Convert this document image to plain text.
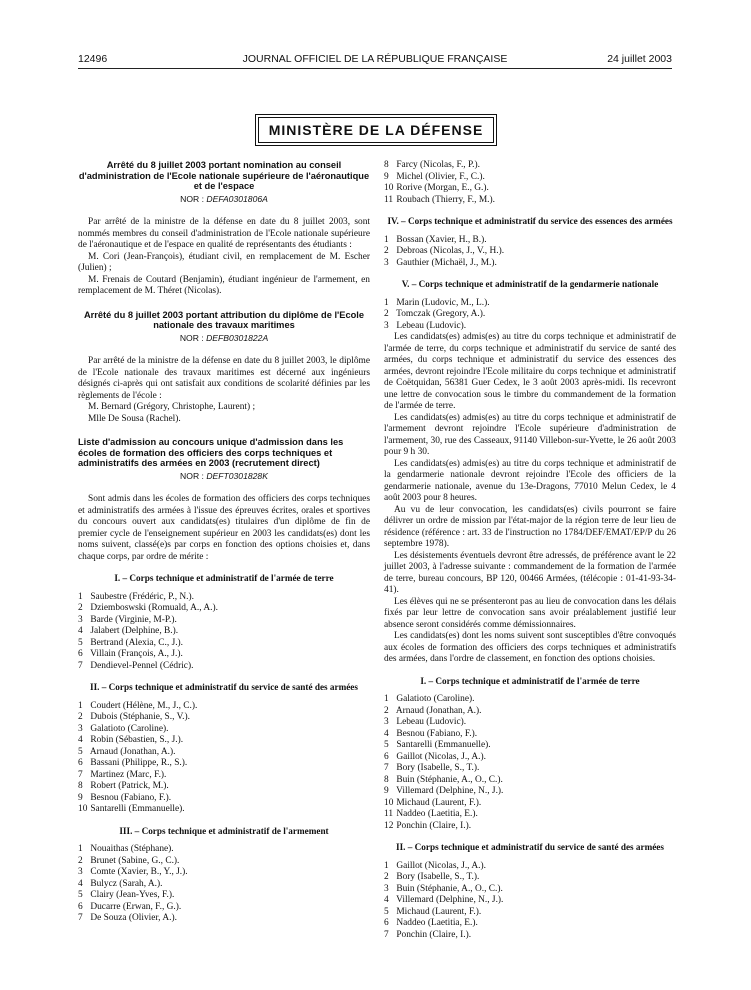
12496	JOURNAL OFFICIEL DE LA RÉPUBLIQUE FRANÇAISE	24 juillet 2003
MINISTÈRE DE LA DÉFENSE
Arrêté du 8 juillet 2003 portant nomination au conseil d'administration de l'Ecole nationale supérieure de l'aéronautique et de l'espace
NOR : DEFA0301806A

Par arrêté de la ministre de la défense en date du 8 juillet 2003, sont nommés membres du conseil d'administration de l'Ecole nationale supérieure de l'aéronautique et de l'espace en qualité de représentants des étudiants :

M. Cori (Jean-François), étudiant civil, en remplacement de M. Escher (Julien) ;

M. Frenais de Coutard (Benjamin), étudiant ingénieur de l'armement, en remplacement de M. Théret (Nicolas).

Arrêté du 8 juillet 2003 portant attribution du diplôme de l'Ecole nationale des travaux maritimes
NOR : DEFB0301822A

Par arrêté de la ministre de la défense en date du 8 juillet 2003, le diplôme de l'Ecole nationale des travaux maritimes est décerné aux ingénieurs désignés ci-après qui ont satisfait aux conditions de scolarité définies par les règlements de l'école :

M. Bernard (Grégory, Christophe, Laurent) ;

Mlle De Sousa (Rachel).

Liste d'admission au concours unique d'admission dans les écoles de formation des officiers des corps techniques et administratifs des armées en 2003 (recrutement direct)
NOR : DEFT0301828K

Sont admis dans les écoles de formation des officiers des corps techniques et administratifs des armées à l'issue des épreuves écrites, orales et sportives du concours ouvert aux candidats(es) titulaires d'un diplôme de fin de premier cycle de l'enseignement supérieur en 2003 les candidats(es) dont les noms suivent, classé(e)s par corps en fonction des options choisies et, dans chaque corps, par ordre de mérite :

I. – Corps technique et administratif de l'armée de terre
1 Saubestre (Frédéric, P., N.).
2 Dziemboswski (Romuald, A., A.).
3 Barde (Virginie, M-P.).
4 Jalabert (Delphine, B.).
5 Bertrand (Alexia, C., J.).
6 Villain (François, A., J.).
7 Dendievel-Pennel (Cédric).
II. – Corps technique et administratif du service de santé des armées
1 Coudert (Hélène, M., J., C.).
2 Dubois (Stéphanie, S., V.).
3 Galatioto (Caroline).
4 Robin (Sébastien, S., J.).
5 Arnaud (Jonathan, A.).
6 Bassani (Philippe, R., S.).
7 Martinez (Marc, F.).
8 Robert (Patrick, M.).
9 Besnou (Fabiano, F.).
10 Santarelli (Emmanuelle).
III. – Corps technique et administratif de l'armement
1 Nouaithas (Stéphane).
2 Brunet (Sabine, G., C.).
3 Comte (Xavier, B., Y., J.).
4 Bulycz (Sarah, A.).
5 Clairy (Jean-Yves, F.).
6 Ducarre (Erwan, F., G.).
7 De Souza (Olivier, A.).
8 Farcy (Nicolas, F., P.).
9 Michel (Olivier, F., C.).
10 Rorive (Morgan, E., G.).
11 Roubach (Thierry, F., M.).
IV. – Corps technique et administratif du service des essences des armées
1 Bossan (Xavier, H., B.).
2 Debroas (Nicolas, J., V., H.).
3 Gauthier (Michaël, J., M.).
V. – Corps technique et administratif de la gendarmerie nationale
1 Marin (Ludovic, M., L.).
2 Tomczak (Gregory, A.).
3 Lebeau (Ludovic).

Les candidats(es) admis(es) au titre du corps technique et administratif de l'armée de terre, du corps technique et administratif du service de santé des armées, du corps technique et administratif du service des essences des armées, devront rejoindre l'Ecole militaire du corps technique et administratif de Coëtquidan, 56381 Guer Cedex, le 3 août 2003 après-midi. Ils recevront une lettre de convocation sous le timbre du commandement de la formation de l'armée de terre.

Les candidats(es) admis(es) au titre du corps technique et administratif de l'armement devront rejoindre l'Ecole supérieure d'administration de l'armement, 30, rue des Casseaux, 91140 Villebon-sur-Yvette, le 26 août 2003 pour 9 h 30.

Les candidats(es) admis(es) au titre du corps technique et administratif de la gendarmerie nationale devront rejoindre l'Ecole des officiers de la gendarmerie nationale, avenue du 13e-Dragons, 77010 Melun Cedex, le 4 août 2003 pour 8 heures.

Au vu de leur convocation, les candidats(es) civils pourront se faire délivrer un ordre de mission par l'état-major de la région terre de leur lieu de résidence (référence : art. 33 de l'instruction no 1784/DEF/EMAT/EP/P du 26 septembre 1978).

Les désistements éventuels devront être adressés, de préférence avant le 22 juillet 2003, à l'adresse suivante : commandement de la formation de l'armée de terre, bureau concours, BP 120, 00466 Armées, (télécopie : 01-41-93-34-41).

Les élèves qui ne se présenteront pas au lieu de convocation dans les délais fixés par leur lettre de convocation sans avoir préalablement justifié leur absence seront considérés comme démissionnaires.

Les candidats(es) dont les noms suivent sont susceptibles d'être convoqués aux écoles de formation des officiers des corps techniques et administratifs des armées, dans l'ordre de classement, en fonction des options choisies.

I. – Corps technique et administratif de l'armée de terre
1 Galatioto (Caroline).
2 Arnaud (Jonathan, A.).
3 Lebeau (Ludovic).
4 Besnou (Fabiano, F.).
5 Santarelli (Emmanuelle).
6 Gaillot (Nicolas, J., A.).
7 Bory (Isabelle, S., T.).
8 Buin (Stéphanie, A., O., C.).
9 Villemard (Delphine, N., J.).
10 Michaud (Laurent, F.).
11 Naddeo (Laetitia, E.).
12 Ponchin (Claire, I.).
II. – Corps technique et administratif du service de santé des armées
1 Gaillot (Nicolas, J., A.).
2 Bory (Isabelle, S., T.).
3 Buin (Stéphanie, A., O., C.).
4 Villemard (Delphine, N., J.).
5 Michaud (Laurent, F.).
6 Naddeo (Laetitia, E.).
7 Ponchin (Claire, I.).
